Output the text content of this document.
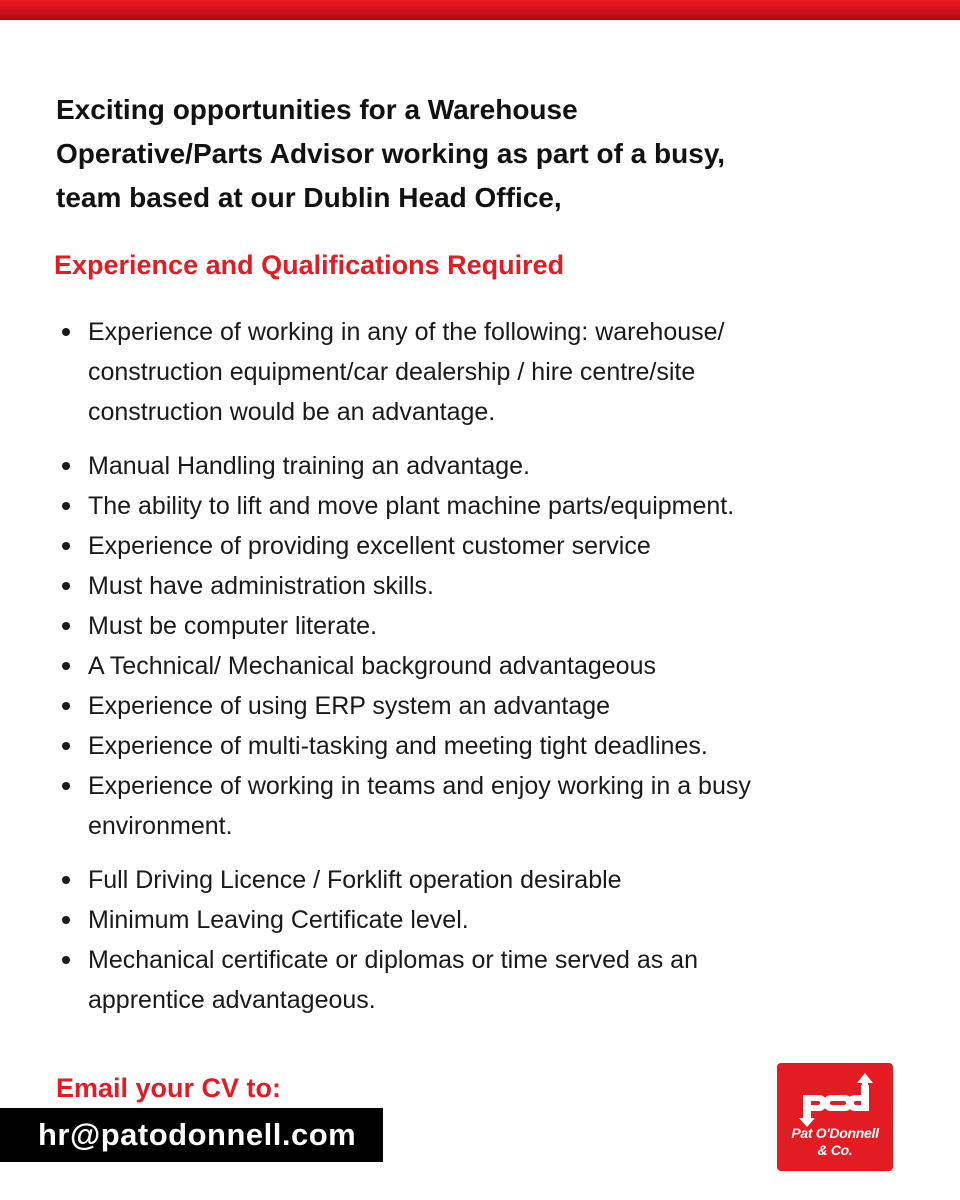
Exciting opportunities for a Warehouse
Operative/Parts Advisor working as part of a busy,
team based at our Dublin Head Office,
Experience and Qualifications Required
Experience of working in any of the following: warehouse/
construction equipment/car dealership / hire centre/site
construction would be an advantage.
Manual Handling training an advantage.
The ability to lift and move plant machine parts/equipment.
Experience of providing excellent customer service
Must have administration skills.
Must be computer literate.
A Technical/ Mechanical background advantageous
Experience of using ERP system an advantage
Experience of multi-tasking and meeting tight deadlines.
Experience of working in teams and enjoy working in a busy
environment.
Full Driving Licence / Forklift operation desirable
Minimum Leaving Certificate level.
Mechanical certificate or diplomas or time served as an
apprentice advantageous.
Email your CV to:
hr@patodonnell.com	Pat O'Donnell
& Co.
